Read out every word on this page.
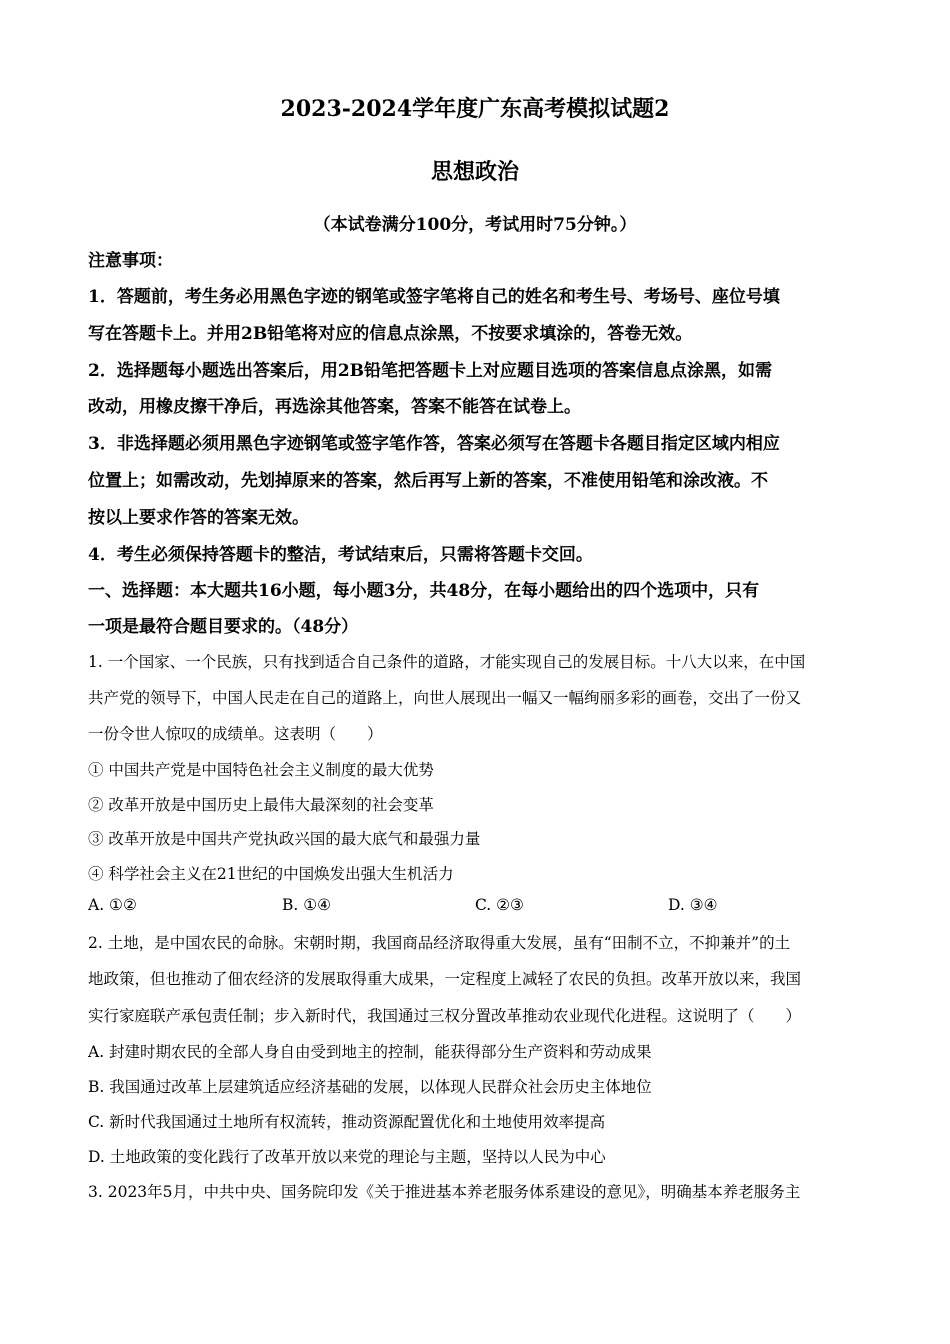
2023-2024学年度广东高考模拟试题2
思想政治
（本试卷满分100分，考试用时75分钟。）
注意事项：
1．答题前，考生务必用黑色字迹的钢笔或签字笔将自己的姓名和考生号、考场号、座位号填
写在答题卡上。并用2B铅笔将对应的信息点涂黑，不按要求填涂的，答卷无效。
2．选择题每小题选出答案后，用2B铅笔把答题卡上对应题目选项的答案信息点涂黑，如需
改动，用橡皮擦干净后，再选涂其他答案，答案不能答在试卷上。
3．非选择题必须用黑色字迹钢笔或签字笔作答，答案必须写在答题卡各题目指定区域内相应
位置上；如需改动，先划掉原来的答案，然后再写上新的答案，不准使用铅笔和涂改液。不
按以上要求作答的答案无效。
4．考生必须保持答题卡的整洁，考试结束后，只需将答题卡交回。
一、选择题：本大题共16小题，每小题3分，共48分，在每小题给出的四个选项中，只有
一项是最符合题目要求的。（48分）
1. 一个国家、一个民族，只有找到适合自己条件的道路，才能实现自己的发展目标。十八大以来，在中国
共产党的领导下，中国人民走在自己的道路上，向世人展现出一幅又一幅绚丽多彩的画卷，交出了一份又
一份令世人惊叹的成绩单。这表明（　　）
① 中国共产党是中国特色社会主义制度的最大优势
② 改革开放是中国历史上最伟大最深刻的社会变革
③ 改革开放是中国共产党执政兴国的最大底气和最强力量
④ 科学社会主义在21世纪的中国焕发出强大生机活力
A. ①②	B. ①④	C. ②③	D. ③④
2. 土地，是中国农民的命脉。宋朝时期，我国商品经济取得重大发展，虽有“田制不立，不抑兼并”的土
地政策，但也推动了佃农经济的发展取得重大成果，一定程度上减轻了农民的负担。改革开放以来，我国
实行家庭联产承包责任制；步入新时代，我国通过三权分置改革推动农业现代化进程。这说明了（　　）
A. 封建时期农民的全部人身自由受到地主的控制，能获得部分生产资料和劳动成果
B. 我国通过改革上层建筑适应经济基础的发展，以体现人民群众社会历史主体地位
C. 新时代我国通过土地所有权流转，推动资源配置优化和土地使用效率提高
D. 土地政策的变化践行了改革开放以来党的理论与主题，坚持以人民为中心
3. 2023年5月，中共中央、国务院印发《关于推进基本养老服务体系建设的意见》，明确基本养老服务主
